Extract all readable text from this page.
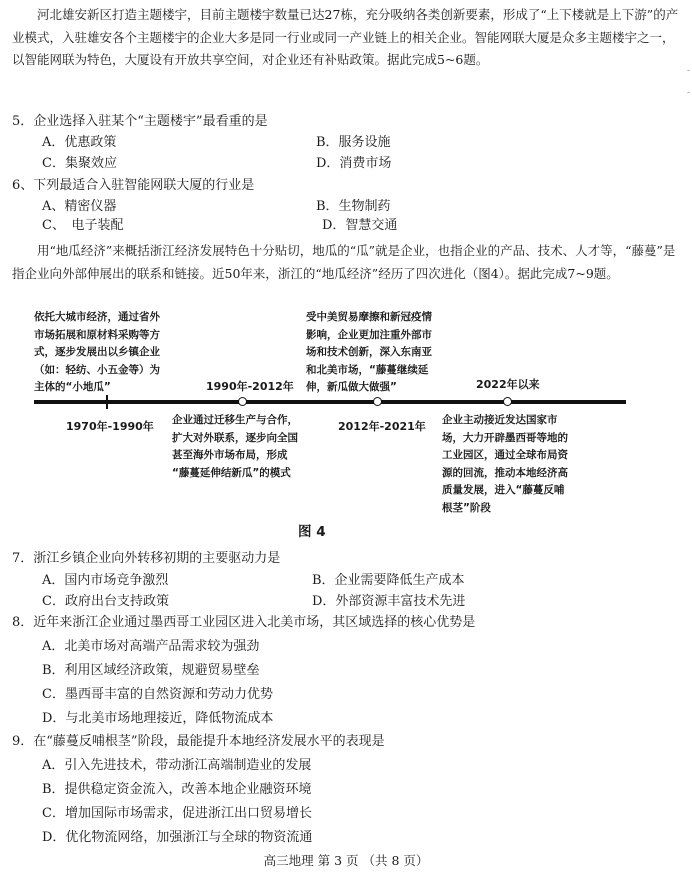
河北雄安新区打造主题楼宇，目前主题楼宇数量已达27栋，充分吸纳各类创新要素，形成了“上下楼就是上下游”的产业模式，入驻雄安各个主题楼宇的企业大多是同一行业或同一产业链上的相关企业。智能网联大厦是众多主题楼宇之一，以智能网联为特色，大厦设有开放共享空间，对企业还有补贴政策。据此完成5~6题。

5．企业选择入驻某个“主题楼宇”最看重的是
A．优惠政策	B．服务设施
C．集聚效应	D．消费市场
6、下列最适合入驻智能网联大厦的行业是
A、精密仪器	B．生物制药
C、　电子装配	D．智慧交通

用“地瓜经济”来概括浙江经济发展特色十分贴切，地瓜的“瓜”就是企业，也指企业的产品、技术、人才等，“藤蔓”是指企业向外部伸展出的联系和链接。近50年来，浙江的“地瓜经济”经历了四次进化（图4）。据此完成7~9题。

依托大城市经济，通过省外
市场拓展和原材料采购等方
式，逐步发展出以乡镇企业
（如：轻纺、小五金等）为
主体的“小地瓜”
受中美贸易摩擦和新冠疫情
影响，企业更加注重外部市
场和技术创新，深入东南亚
和北美市场，“藤蔓继续延
伸，新瓜做大做强”
1990年-2012年	2022年以来
1970年-1990年 企业通过迁移生产与合作，
扩大对外联系，逐步向全国
甚至海外市场布局，形成
“藤蔓延伸结新瓜”的模式
2012年-2021年 企业主动接近发达国家市
场，大力开辟墨西哥等地的
工业园区，通过全球布局资
源的回流，推动本地经济高
质量发展，进入“藤蔓反哺
根茎”阶段
图 4
7．浙江乡镇企业向外转移初期的主要驱动力是
A．国内市场竞争激烈	B．企业需要降低生产成本
C．政府出台支持政策	D．外部资源丰富技术先进
8．近年来浙江企业通过墨西哥工业园区进入北美市场，其区域选择的核心优势是
A．北美市场对高端产品需求较为强劲
B．利用区域经济政策，规避贸易壁垒
C．墨西哥丰富的自然资源和劳动力优势
D．与北美市场地理接近，降低物流成本
9．在“藤蔓反哺根茎”阶段，最能提升本地经济发展水平的表现是
A．引入先进技术，带动浙江高端制造业的发展
B．提供稳定资金流入，改善本地企业融资环境
C．增加国际市场需求，促进浙江出口贸易增长
D．优化物流网络，加强浙江与全球的物资流通
高三地理 第 3 页 （共 8 页）
-
-
